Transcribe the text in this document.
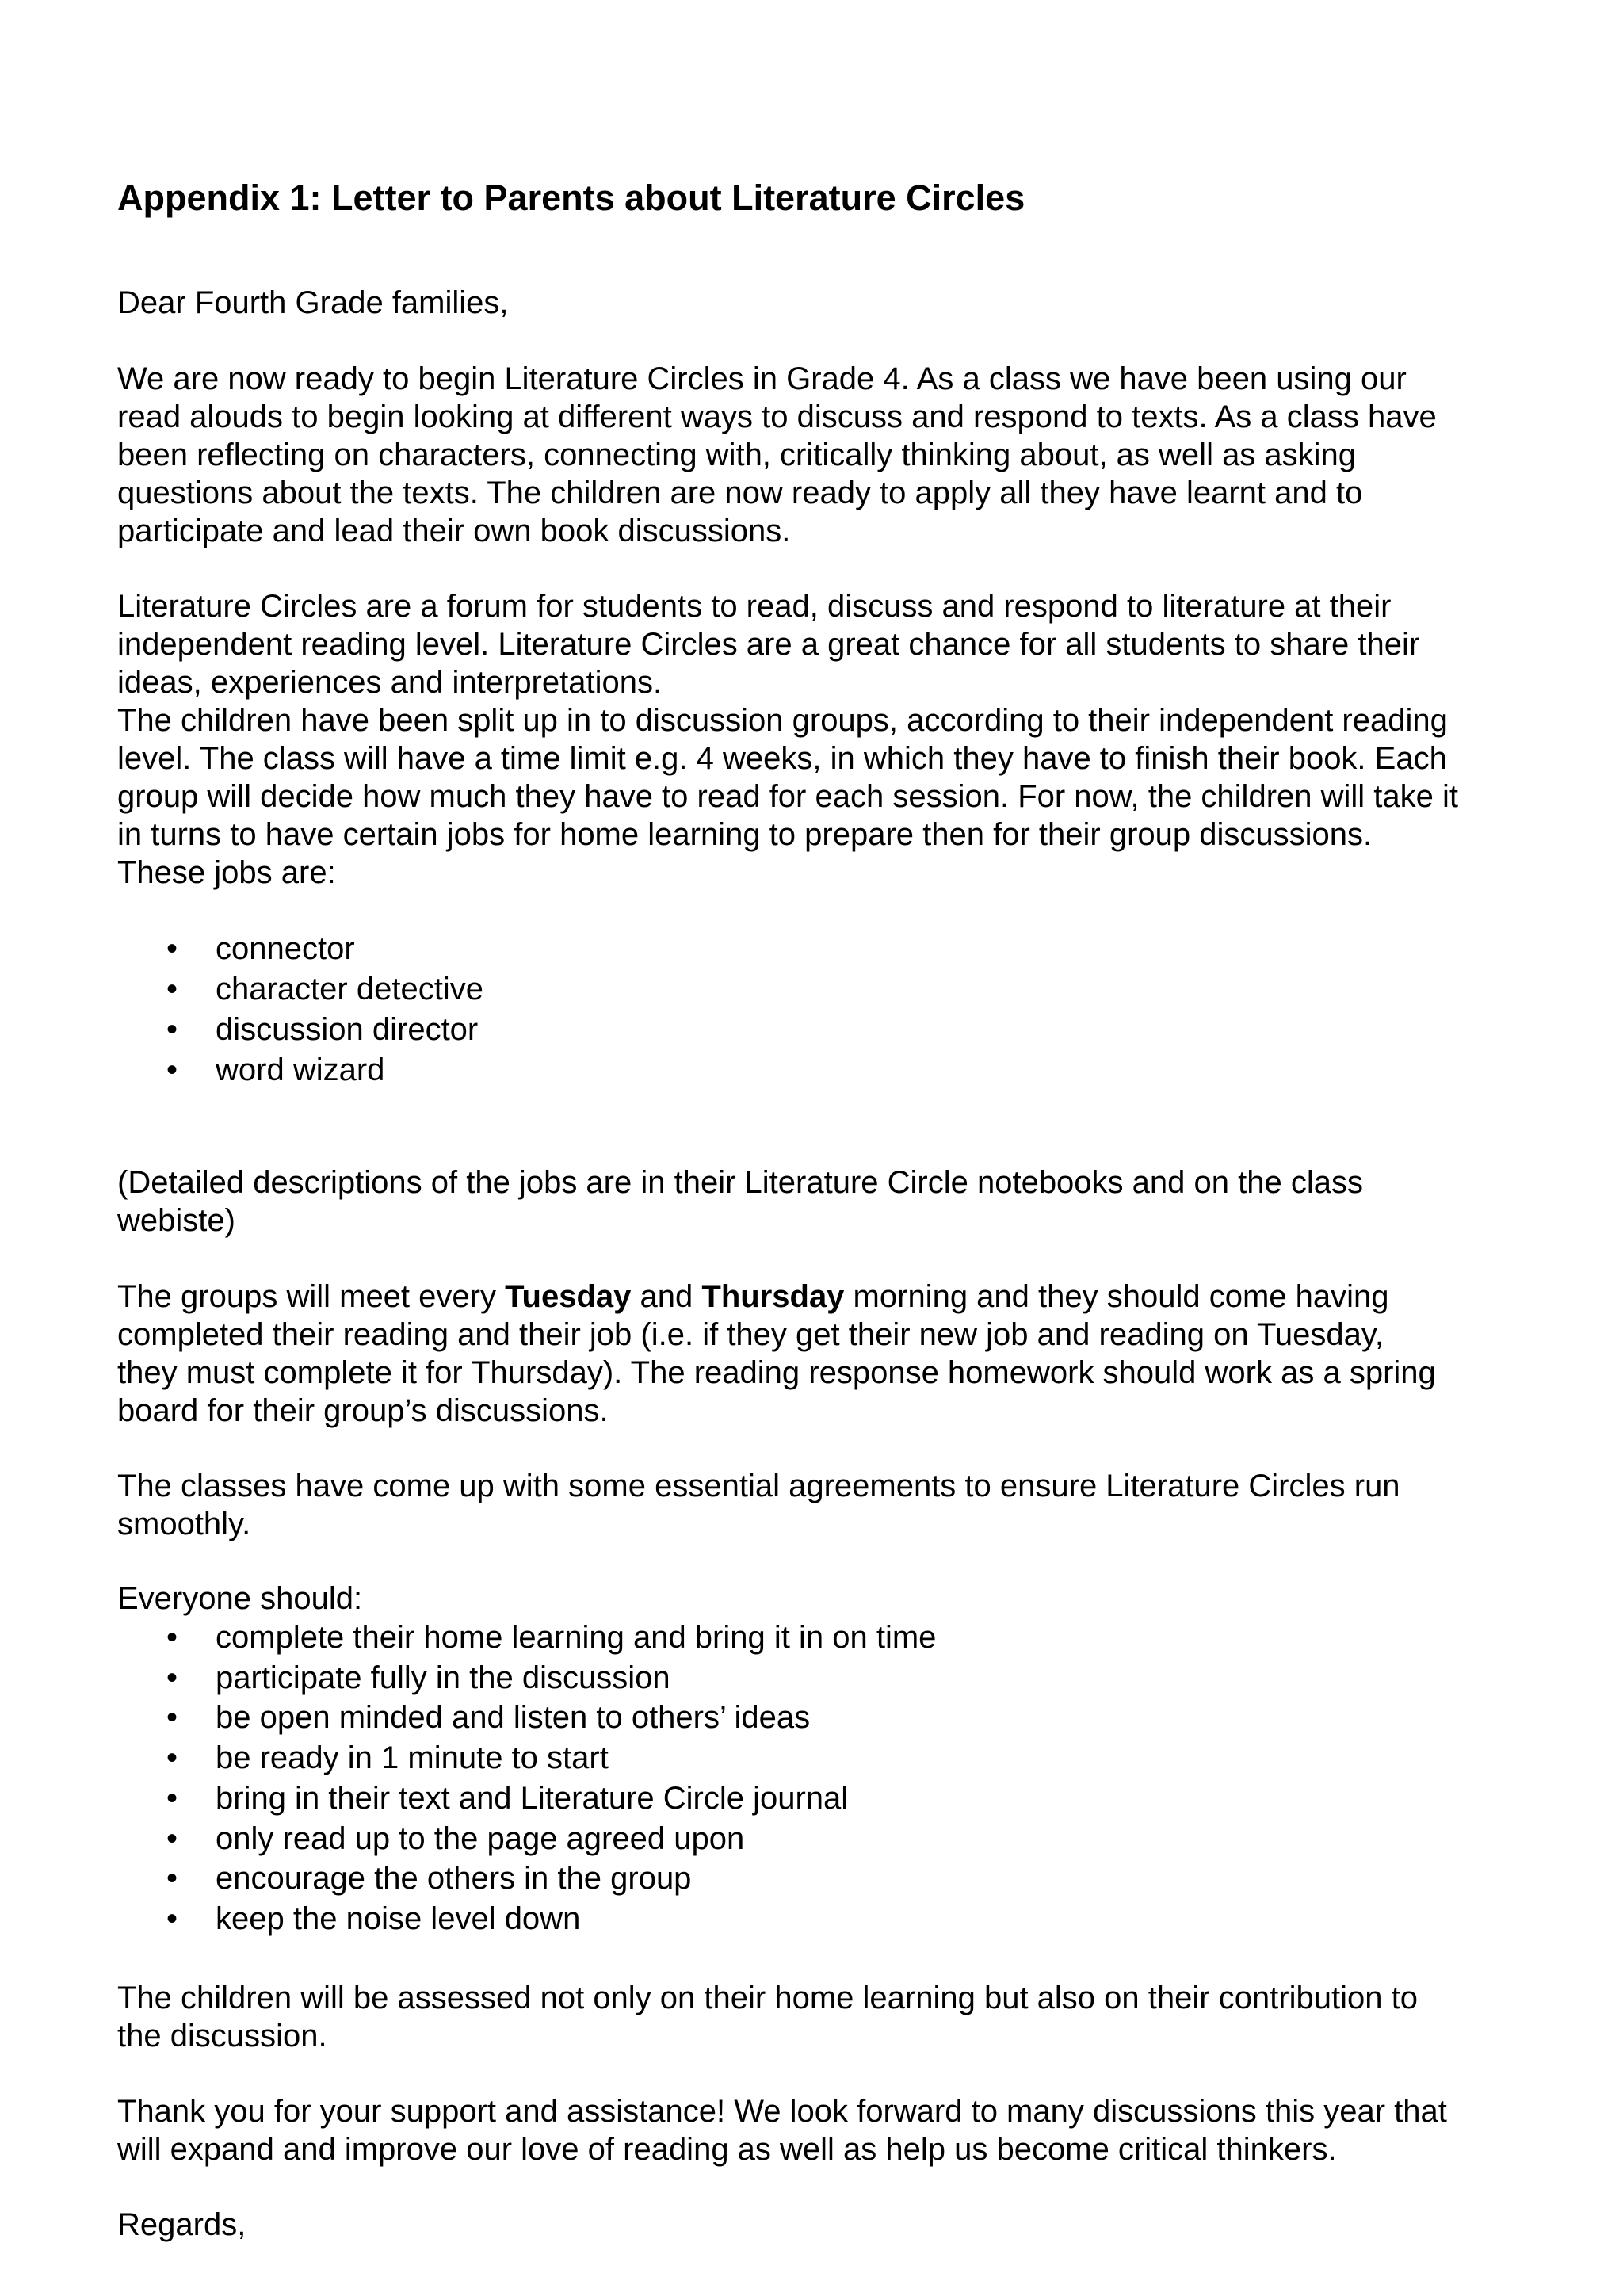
Appendix 1: Letter to Parents about Literature Circles

Dear Fourth Grade families,

We are now ready to begin Literature Circles in Grade 4. As a class we have been using our
read alouds to begin looking at different ways to discuss and respond to texts. As a class have
been reflecting on characters, connecting with, critically thinking about, as well as asking
questions about the texts. The children are now ready to apply all they have learnt and to
participate and lead their own book discussions.
Literature Circles are a forum for students to read, discuss and respond to literature at their
independent reading level. Literature Circles are a great chance for all students to share their
ideas, experiences and interpretations.
The children have been split up in to discussion groups, according to their independent reading
level. The class will have a time limit e.g. 4 weeks, in which they have to finish their book. Each
group will decide how much they have to read for each session. For now, the children will take it
in turns to have certain jobs for home learning to prepare then for their group discussions.
These jobs are:
• connector
• character detective
• discussion director
• word wizard
(Detailed descriptions of the jobs are in their Literature Circle notebooks and on the class
webiste)
The groups will meet every Tuesday and Thursday morning and they should come having
completed their reading and their job (i.e. if they get their new job and reading on Tuesday,
they must complete it for Thursday). The reading response homework should work as a spring
board for their group’s discussions.
The classes have come up with some essential agreements to ensure Literature Circles run
smoothly.

Everyone should:

• complete their home learning and bring it in on time
• participate fully in the discussion
• be open minded and listen to others’ ideas
• be ready in 1 minute to start
• bring in their text and Literature Circle journal
• only read up to the page agreed upon
• encourage the others in the group
• keep the noise level down
The children will be assessed not only on their home learning but also on their contribution to
the discussion.
Thank you for your support and assistance! We look forward to many discussions this year that
will expand and improve our love of reading as well as help us become critical thinkers.

Regards,
